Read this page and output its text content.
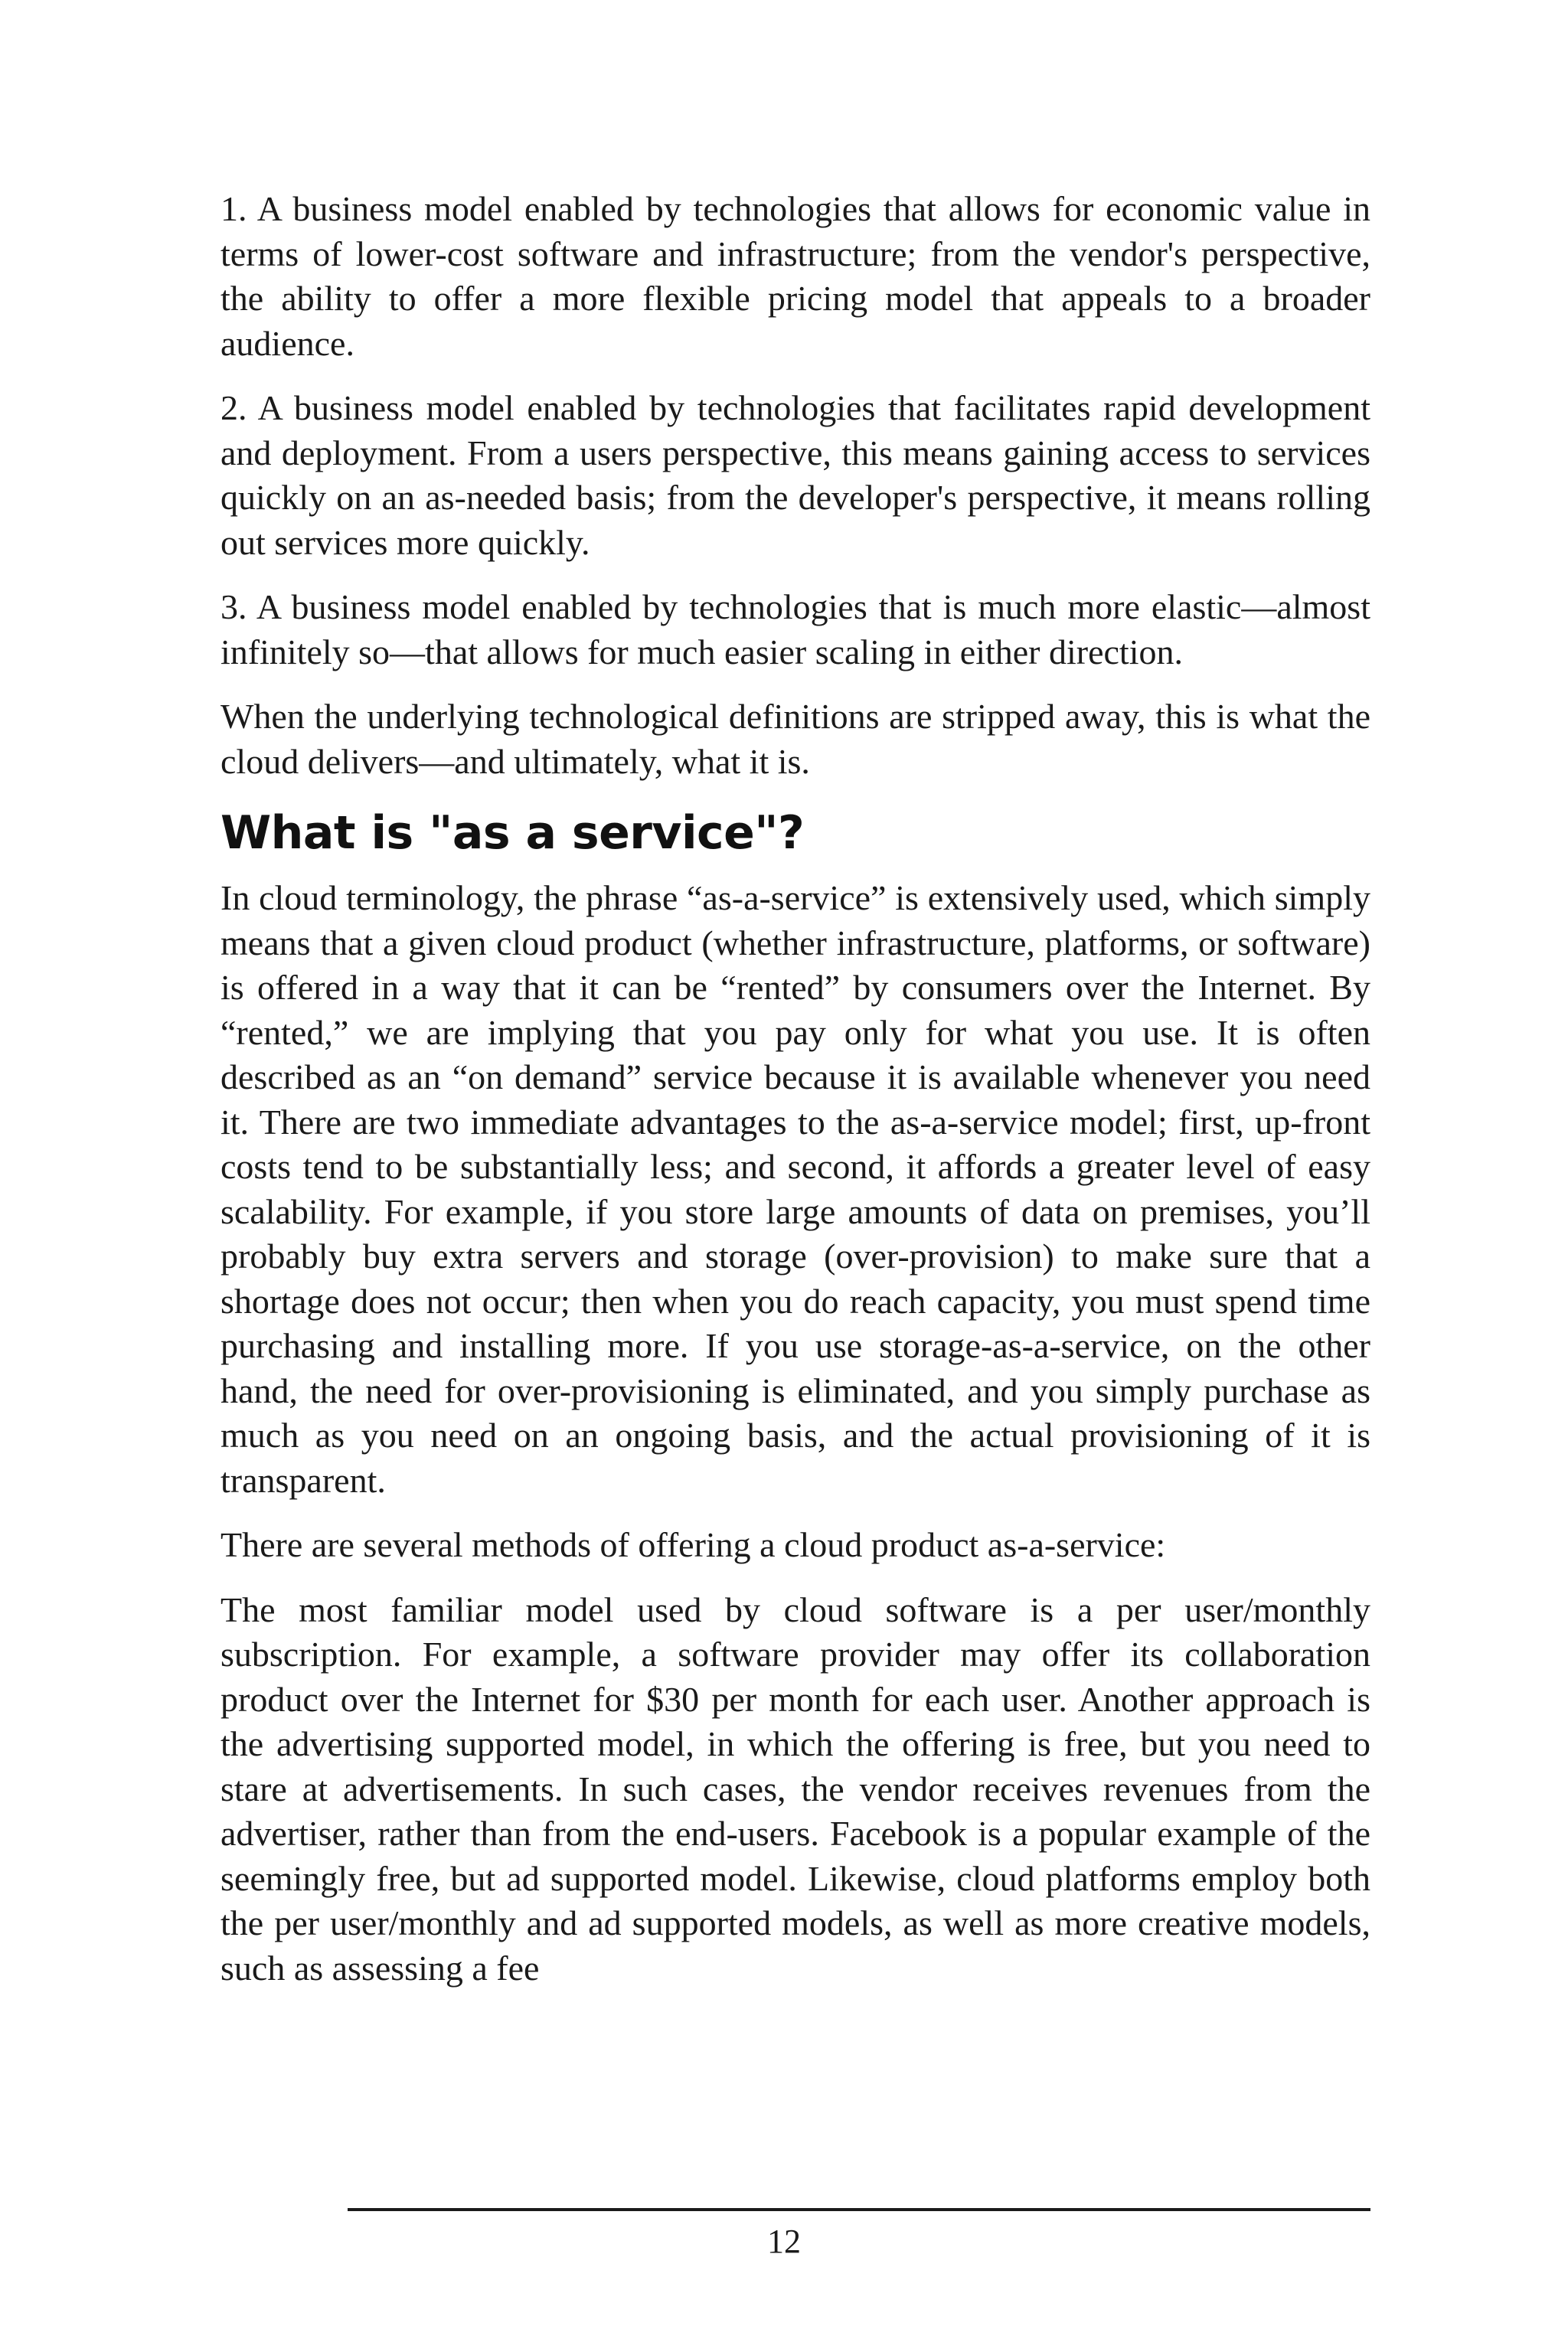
1. A business model enabled by technologies that allows for economic value in terms of lower-cost software and infrastructure; from the vendor's perspective, the ability to offer a more flexible pricing model that appeals to a broader audience.

2. A business model enabled by technologies that facilitates rapid development and deployment. From a users perspective, this means gaining access to services quickly on an as-needed basis; from the developer's perspective, it means rolling out services more quickly.

3. A business model enabled by technologies that is much more elastic—almost infinitely so—that allows for much easier scaling in either direction.

When the underlying technological definitions are stripped away, this is what the cloud delivers—and ultimately, what it is.

What is "as a service"?

In cloud terminology, the phrase “as-a-service” is extensively used, which simply means that a given cloud product (whether infrastructure, platforms, or software) is offered in a way that it can be “rented” by consumers over the Internet. By “rented,” we are implying that you pay only for what you use. It is often described as an “on demand” service because it is available whenever you need it. There are two immediate advantages to the as-a-service model; first, up-front costs tend to be substantially less; and second, it affords a greater level of easy scalability. For example, if you store large amounts of data on premises, you’ll probably buy extra servers and storage (over-provision) to make sure that a shortage does not occur; then when you do reach capacity, you must spend time purchasing and installing more. If you use storage-as-a-service, on the other hand, the need for over-provisioning is eliminated, and you simply purchase as much as you need on an ongoing basis, and the actual provisioning of it is transparent.

There are several methods of offering a cloud product as-a-service:

The most familiar model used by cloud software is a per user/monthly subscription. For example, a software provider may offer its collaboration product over the Internet for $30 per month for each user. Another approach is the advertising supported model, in which the offering is free, but you need to stare at advertisements. In such cases, the vendor receives revenues from the advertiser, rather than from the end-users. Facebook is a popular example of the seemingly free, but ad supported model. Likewise, cloud platforms employ both the per user/monthly and ad supported models, as well as more creative models, such as assessing a fee

12
